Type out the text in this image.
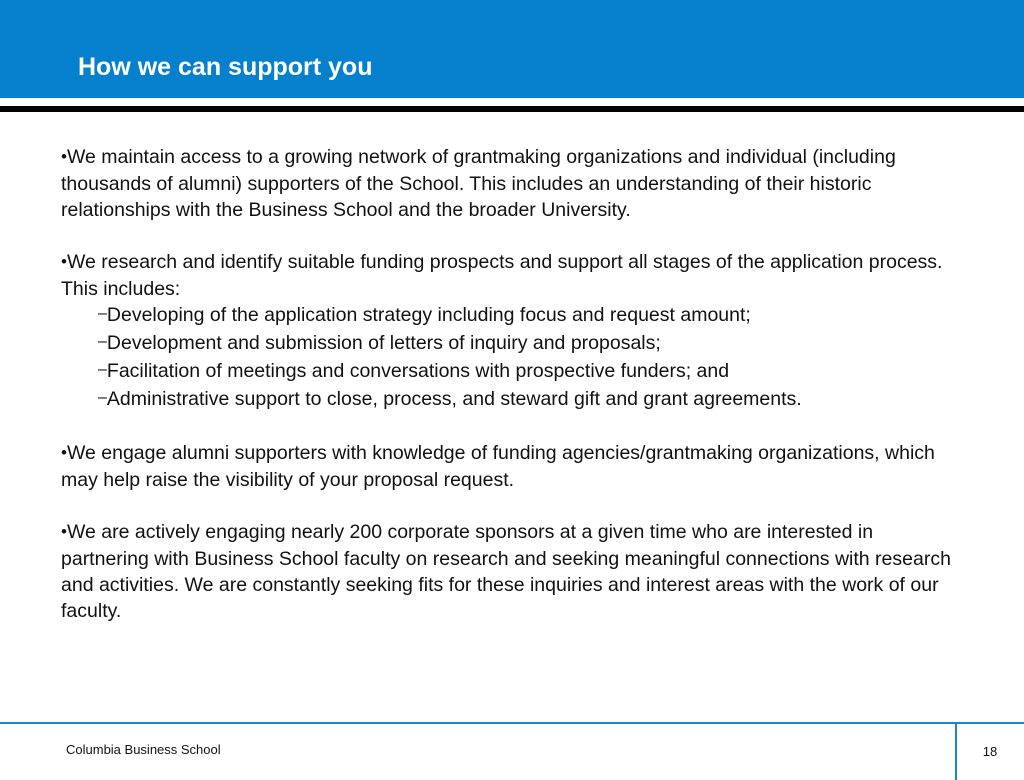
How we can support you
•We maintain access to a growing network of grantmaking organizations and individual (including thousands of alumni) supporters of the School. This includes an understanding of their historic relationships with the Business School and the broader University.
•We research and identify suitable funding prospects and support all stages of the application process. This includes:
–Developing of the application strategy including focus and request amount;
–Development and submission of letters of inquiry and proposals;
–Facilitation of meetings and conversations with prospective funders; and
–Administrative support to close, process, and steward gift and grant agreements.
•We engage alumni supporters with knowledge of funding agencies/grantmaking organizations, which may help raise the visibility of your proposal request.
•We are actively engaging nearly 200 corporate sponsors at a given time who are interested in partnering with Business School faculty on research and seeking meaningful connections with research and activities. We are constantly seeking fits for these inquiries and interest areas with the work of our faculty.
Columbia Business School	18
